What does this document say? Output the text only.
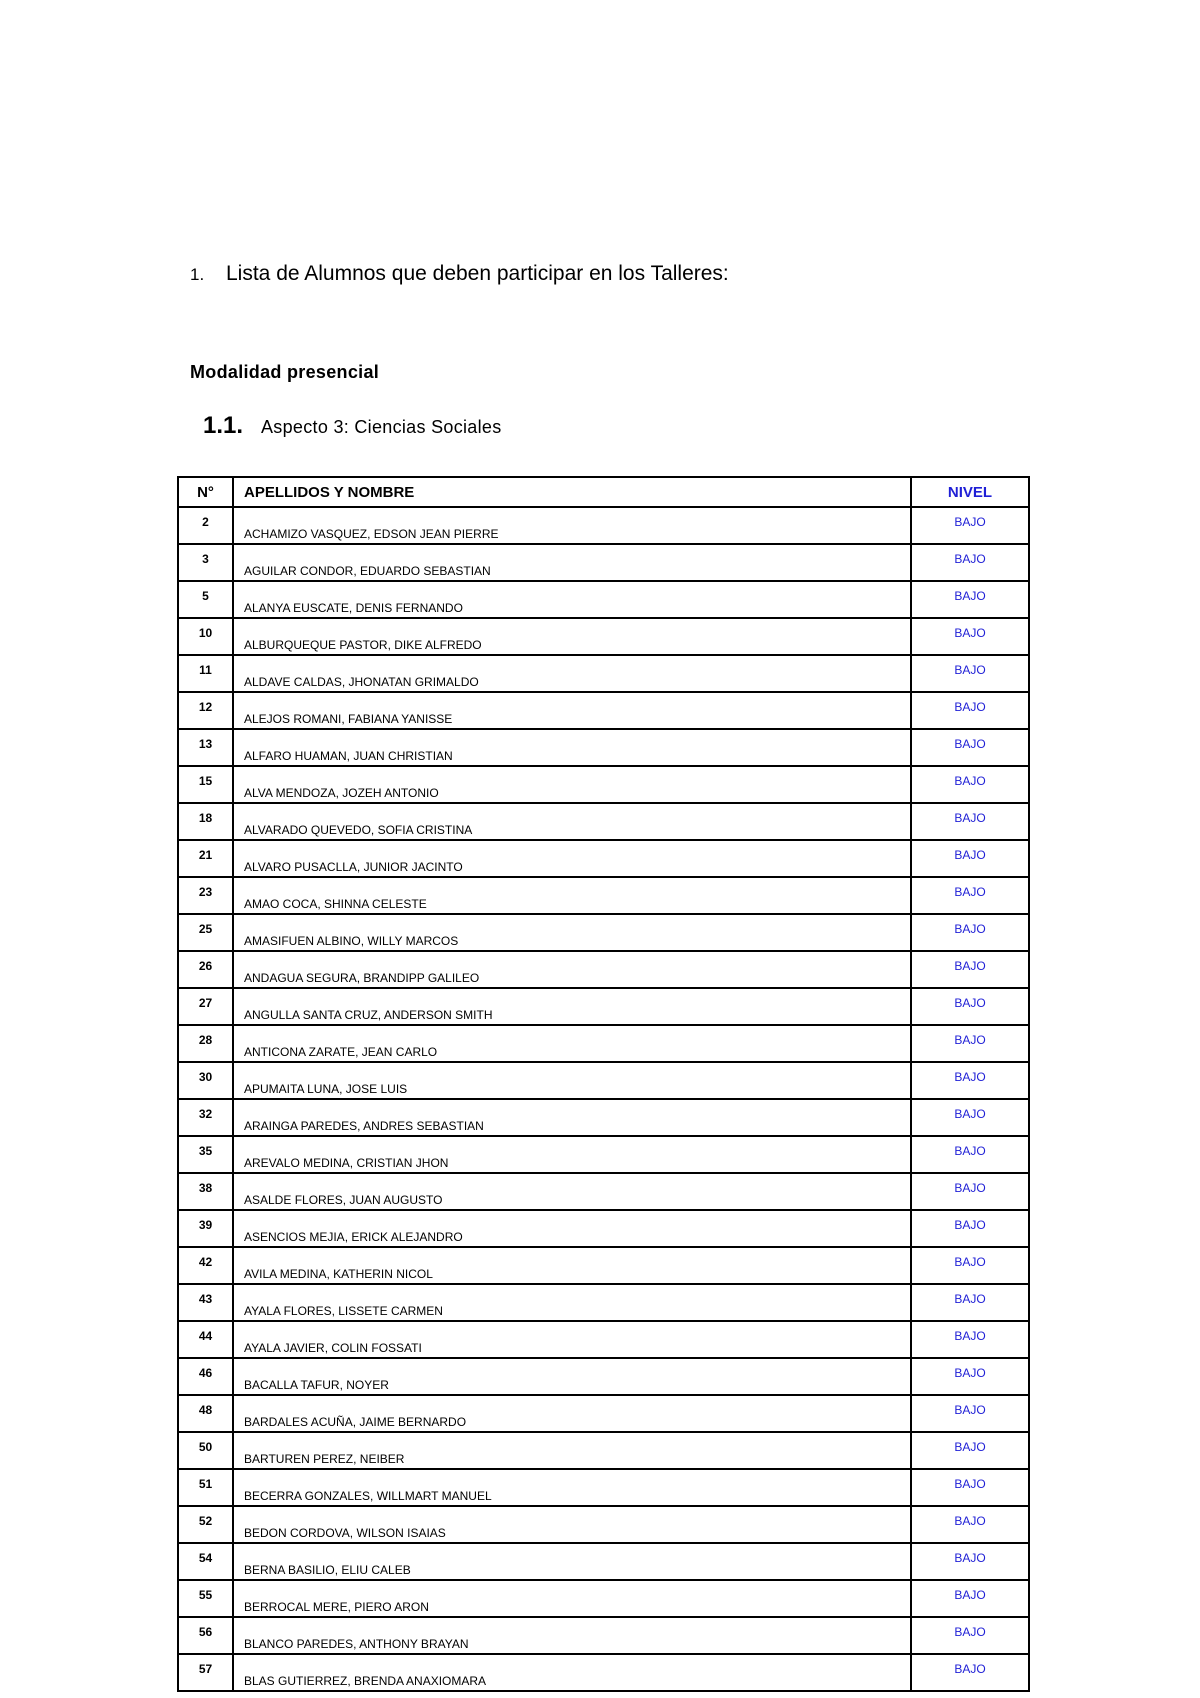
1.	Lista de Alumnos que deben participar en los Talleres:
Modalidad presencial
1.1. Aspecto 3: Ciencias Sociales
N°	APELLIDOS Y NOMBRE	NIVEL
2	ACHAMIZO VASQUEZ, EDSON JEAN PIERRE	BAJO
3	AGUILAR CONDOR, EDUARDO SEBASTIAN	BAJO
5	ALANYA EUSCATE, DENIS FERNANDO	BAJO
10	ALBURQUEQUE PASTOR, DIKE ALFREDO	BAJO
11	ALDAVE CALDAS, JHONATAN GRIMALDO	BAJO
12	ALEJOS ROMANI, FABIANA YANISSE	BAJO
13	ALFARO HUAMAN, JUAN CHRISTIAN	BAJO
15	ALVA MENDOZA, JOZEH ANTONIO	BAJO
18	ALVARADO QUEVEDO, SOFIA CRISTINA	BAJO
21	ALVARO PUSACLLA, JUNIOR JACINTO	BAJO
23	AMAO COCA, SHINNA CELESTE	BAJO
25	AMASIFUEN ALBINO, WILLY MARCOS	BAJO
26	ANDAGUA SEGURA, BRANDIPP GALILEO	BAJO
27	ANGULLA SANTA CRUZ, ANDERSON SMITH	BAJO
28	ANTICONA ZARATE, JEAN CARLO	BAJO
30	APUMAITA LUNA, JOSE LUIS	BAJO
32	ARAINGA PAREDES, ANDRES SEBASTIAN	BAJO
35	AREVALO MEDINA, CRISTIAN JHON	BAJO
38	ASALDE FLORES, JUAN AUGUSTO	BAJO
39	ASENCIOS MEJIA, ERICK ALEJANDRO	BAJO
42	AVILA MEDINA, KATHERIN NICOL	BAJO
43	AYALA FLORES, LISSETE CARMEN	BAJO
44	AYALA JAVIER, COLIN FOSSATI	BAJO
46	BACALLA TAFUR, NOYER	BAJO
48	BARDALES ACUÑA, JAIME BERNARDO	BAJO
50	BARTUREN PEREZ, NEIBER	BAJO
51	BECERRA GONZALES, WILLMART MANUEL	BAJO
52	BEDON CORDOVA, WILSON ISAIAS	BAJO
54	BERNA BASILIO, ELIU CALEB	BAJO
55	BERROCAL MERE, PIERO ARON	BAJO
56	BLANCO PAREDES, ANTHONY BRAYAN	BAJO
57	BLAS GUTIERREZ, BRENDA ANAXIOMARA	BAJO
